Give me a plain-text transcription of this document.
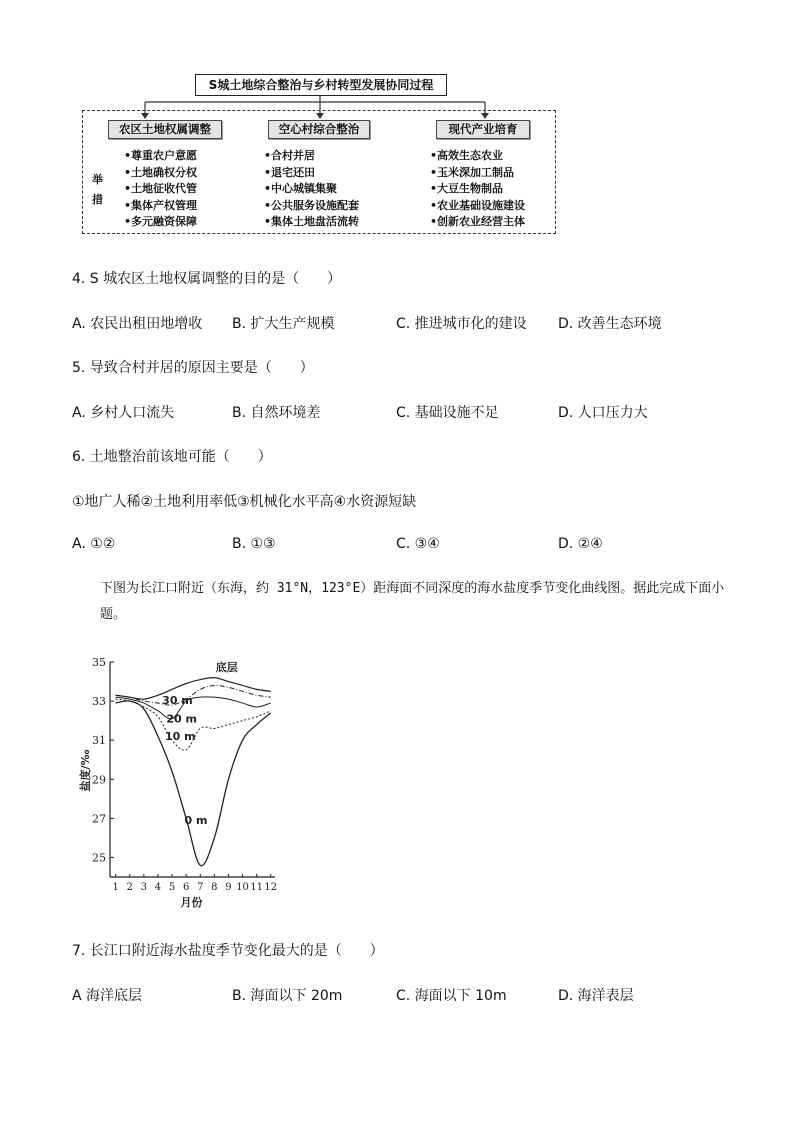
S城土地综合整治与乡村转型发展协同过程
农区土地权属调整	空心村综合整治	现代产业培育
举措
•尊重农户意愿
•土地确权分权
•土地征收代管
•集体产权管理
•多元融资保障
•合村并居
•退宅还田
•中心城镇集聚
•公共服务设施配套
•集体土地盘活流转
•高效生态农业
•玉米深加工制品
•大豆生物制品
•农业基础设施建设
•创新农业经营主体
4. S 城农区土地权属调整的目的是（　　）
A. 农民出租田地增收 B. 扩大生产规模	C. 推进城市化的建设 D. 改善生态环境
5. 导致合村并居的原因主要是（　　）
A. 乡村人口流失	B. 自然环境差	C. 基础设施不足	D. 人口压力大
6. 土地整治前该地可能（　　）
①地广人稀②土地利用率低③机械化水平高④水资源短缺
A. ①②	B. ①③	C. ③④	D. ②④
下图为长江口附近（东海，约 31°N，123°E）距海面不同深度的海水盐度季节变化曲线图。据此完成下面小题。
25
27
29
31
33
35
1 2 3 4 5 6 7 8 9 10 11 12
月份
盐度/‰
底层
30 m
20 m
10 m
0 m
7. 长江口附近海水盐度季节变化最大的是（　　）
A 海洋底层	B. 海面以下 20m	C. 海面以下 10m	D. 海洋表层
